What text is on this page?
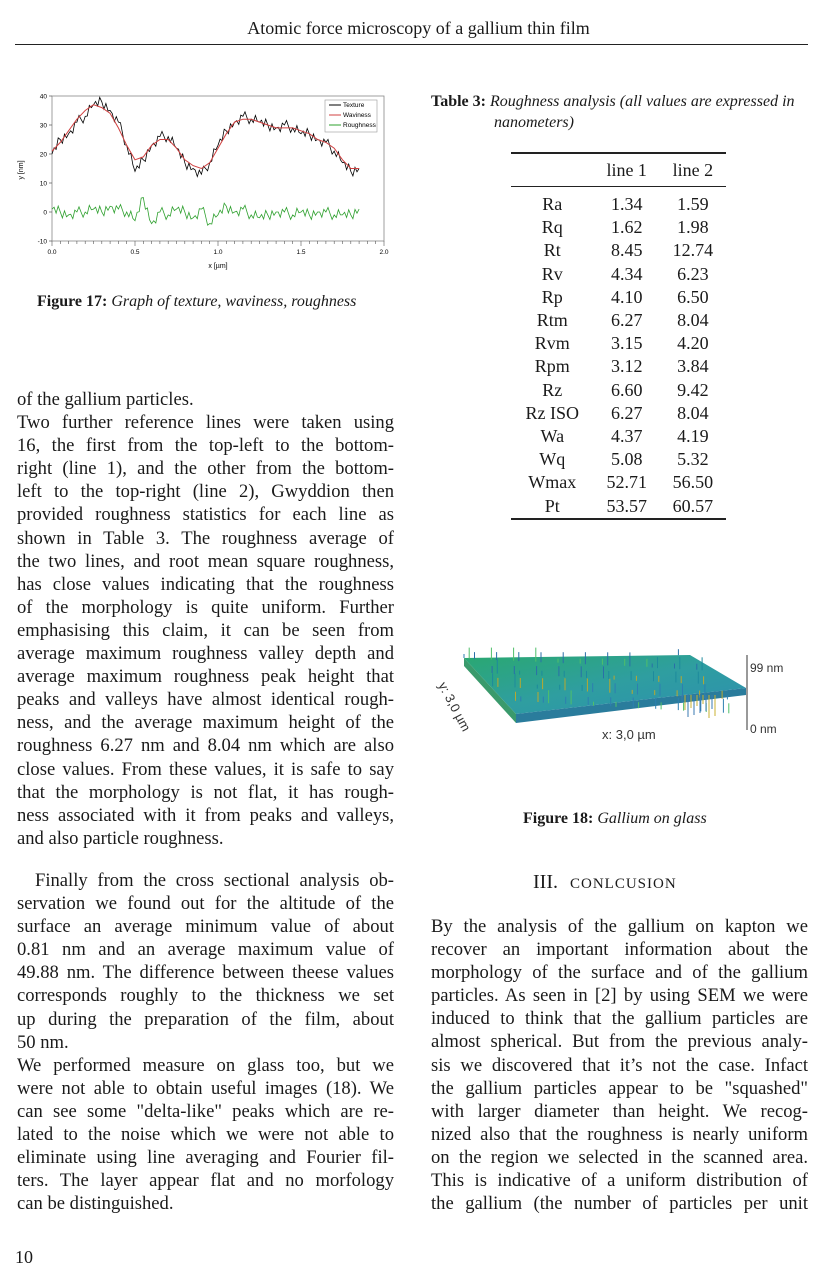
Atomic force microscopy of a gallium thin film
40
30
20
10
0
-10
0.0	0.5	1.0	1.5	2.0
y [nm]
x [µm]
Texture
Waviness
Roughness
Figure 17: Graph of texture, waviness, roughness
Table 3: Roughness analysis (all values are expressed in
nanometers)
	line 1	line 2
Ra	1.34	1.59
Rq	1.62	1.98
Rt	8.45	12.74
Rv	4.34	6.23
Rp	4.10	6.50
Rtm	6.27	8.04
Rvm	3.15	4.20
Rpm	3.12	3.84
Rz	6.60	9.42
Rz ISO	6.27	8.04
Wa	4.37	4.19
Wq	5.08	5.32
Wmax	52.71	56.50
Pt	53.57	60.57
99 nm
0 nm
x: 3,0 µm
y: 3,0 µm
Figure 18: Gallium on glass
of the gallium particles.
Two further reference lines were taken using
16, the first from the top-left to the bottom-
right (line 1), and the other from the bottom-
left to the top-right (line 2), Gwyddion then
provided roughness statistics for each line as
shown in Table 3. The roughness average of
the two lines, and root mean square roughness,
has close values indicating that the roughness
of the morphology is quite uniform. Further
emphasising this claim, it can be seen from
average maximum roughness valley depth and
average maximum roughness peak height that
peaks and valleys have almost identical rough-
ness, and the average maximum height of the
roughness 6.27 nm and 8.04 nm which are also
close values. From these values, it is safe to say
that the morphology is not flat, it has rough-
ness associated with it from peaks and valleys,
and also particle roughness.
Finally from the cross sectional analysis ob-
servation we found out for the altitude of the
surface an average minimum value of about
0.81 nm and an average maximum value of
49.88 nm. The difference between theese values
corresponds roughly to the thickness we set
up during the preparation of the film, about
50 nm.
We performed measure on glass too, but we
were not able to obtain useful images (18). We
can see some "delta-like" peaks which are re-
lated to the noise which we were not able to
eliminate using line averaging and Fourier fil-
ters. The layer appear flat and no morfology
can be distinguished.
III. CONLCUSION
By the analysis of the gallium on kapton we
recover an important information about the
morphology of the surface and of the gallium
particles. As seen in [2] by using SEM we were
induced to think that the gallium particles are
almost spherical. But from the previous analy-
sis we discovered that it’s not the case. Infact
the gallium particles appear to be "squashed"
with larger diameter than height. We recog-
nized also that the roughness is nearly uniform
on the region we selected in the scanned area.
This is indicative of a uniform distribution of
the gallium (the number of particles per unit
10
